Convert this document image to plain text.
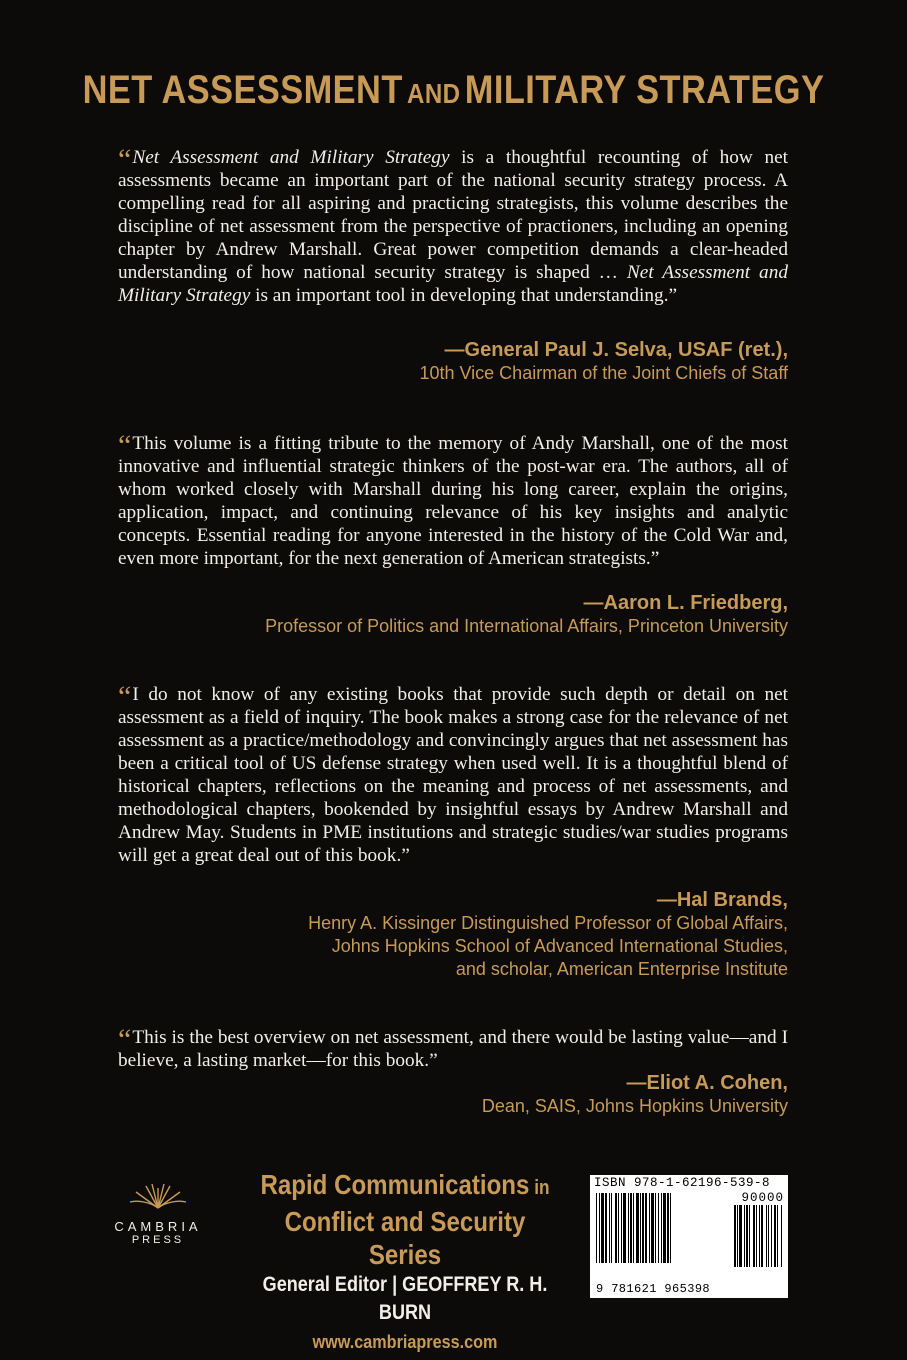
NET ASSESSMENT AND MILITARY STRATEGY
“Net Assessment and Military Strategy is a thoughtful recounting of how net assessments became an important part of the national security strategy process. A compelling read for all aspiring and practicing strategists, this volume describes the discipline of net assessment from the perspective of practioners, including an opening chapter by Andrew Marshall. Great power competition demands a clear-headed understanding of how national security strategy is shaped … Net Assessment and Military Strategy is an important tool in developing that understanding.”
—General Paul J. Selva, USAF (ret.),
10th Vice Chairman of the Joint Chiefs of Staff
“This volume is a fitting tribute to the memory of Andy Marshall, one of the most innovative and influential strategic thinkers of the post-war era. The authors, all of whom worked closely with Marshall during his long career, explain the origins, application, impact, and continuing relevance of his key insights and analytic concepts. Essential reading for anyone interested in the history of the Cold War and, even more important, for the next generation of American strategists.”
—Aaron L. Friedberg,
Professor of Politics and International Affairs, Princeton University
“I do not know of any existing books that provide such depth or detail on net assessment as a field of inquiry. The book makes a strong case for the relevance of net assessment as a practice/methodology and convincingly argues that net assessment has been a critical tool of US defense strategy when used well. It is a thoughtful blend of historical chapters, reflections on the meaning and process of net assessments, and methodological chapters, bookended by insightful essays by Andrew Marshall and Andrew May. Students in PME institutions and strategic studies/war studies programs will get a great deal out of this book.”
—Hal Brands,
Henry A. Kissinger Distinguished Professor of Global Affairs,
Johns Hopkins School of Advanced International Studies,
and scholar, American Enterprise Institute
“This is the best overview on net assessment, and there would be lasting value—and I believe, a lasting market—for this book.”
—Eliot A. Cohen,
Dean, SAIS, Johns Hopkins University
CAMBRIA
PRESS
Rapid Communications in
Conflict and Security Series
General Editor | GEOFFREY R. H. BURN
www.cambriapress.com
ISBN 978-1-62196-539-8
90000
9 781621 965398
